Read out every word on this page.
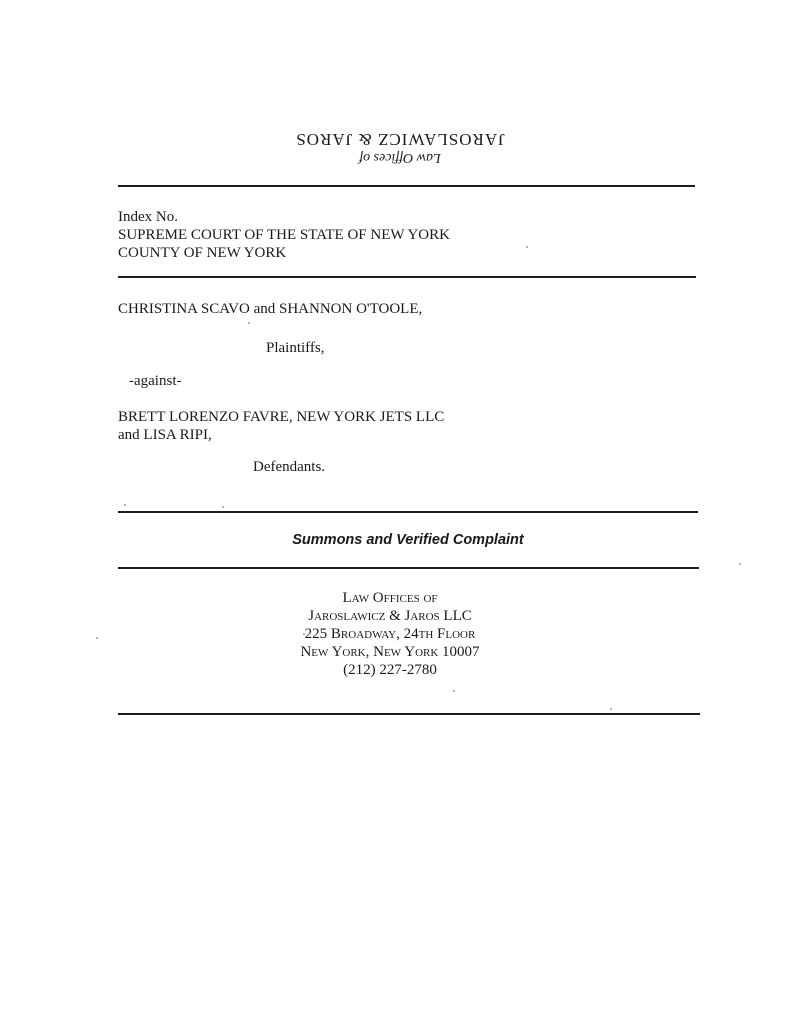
JAROSLAWICZ & JAROS
Law Offices of
Index No.
SUPREME COURT OF THE STATE OF NEW YORK
COUNTY OF NEW YORK
CHRISTINA SCAVO and SHANNON O'TOOLE,
Plaintiffs,
-against-
BRETT LORENZO FAVRE, NEW YORK JETS LLC
and LISA RIPI,
Defendants.
Summons and Verified Complaint
Law Offices of
Jaroslawicz & Jaros LLC
225 Broadway, 24th Floor
New York, New York 10007
(212) 227-2780
